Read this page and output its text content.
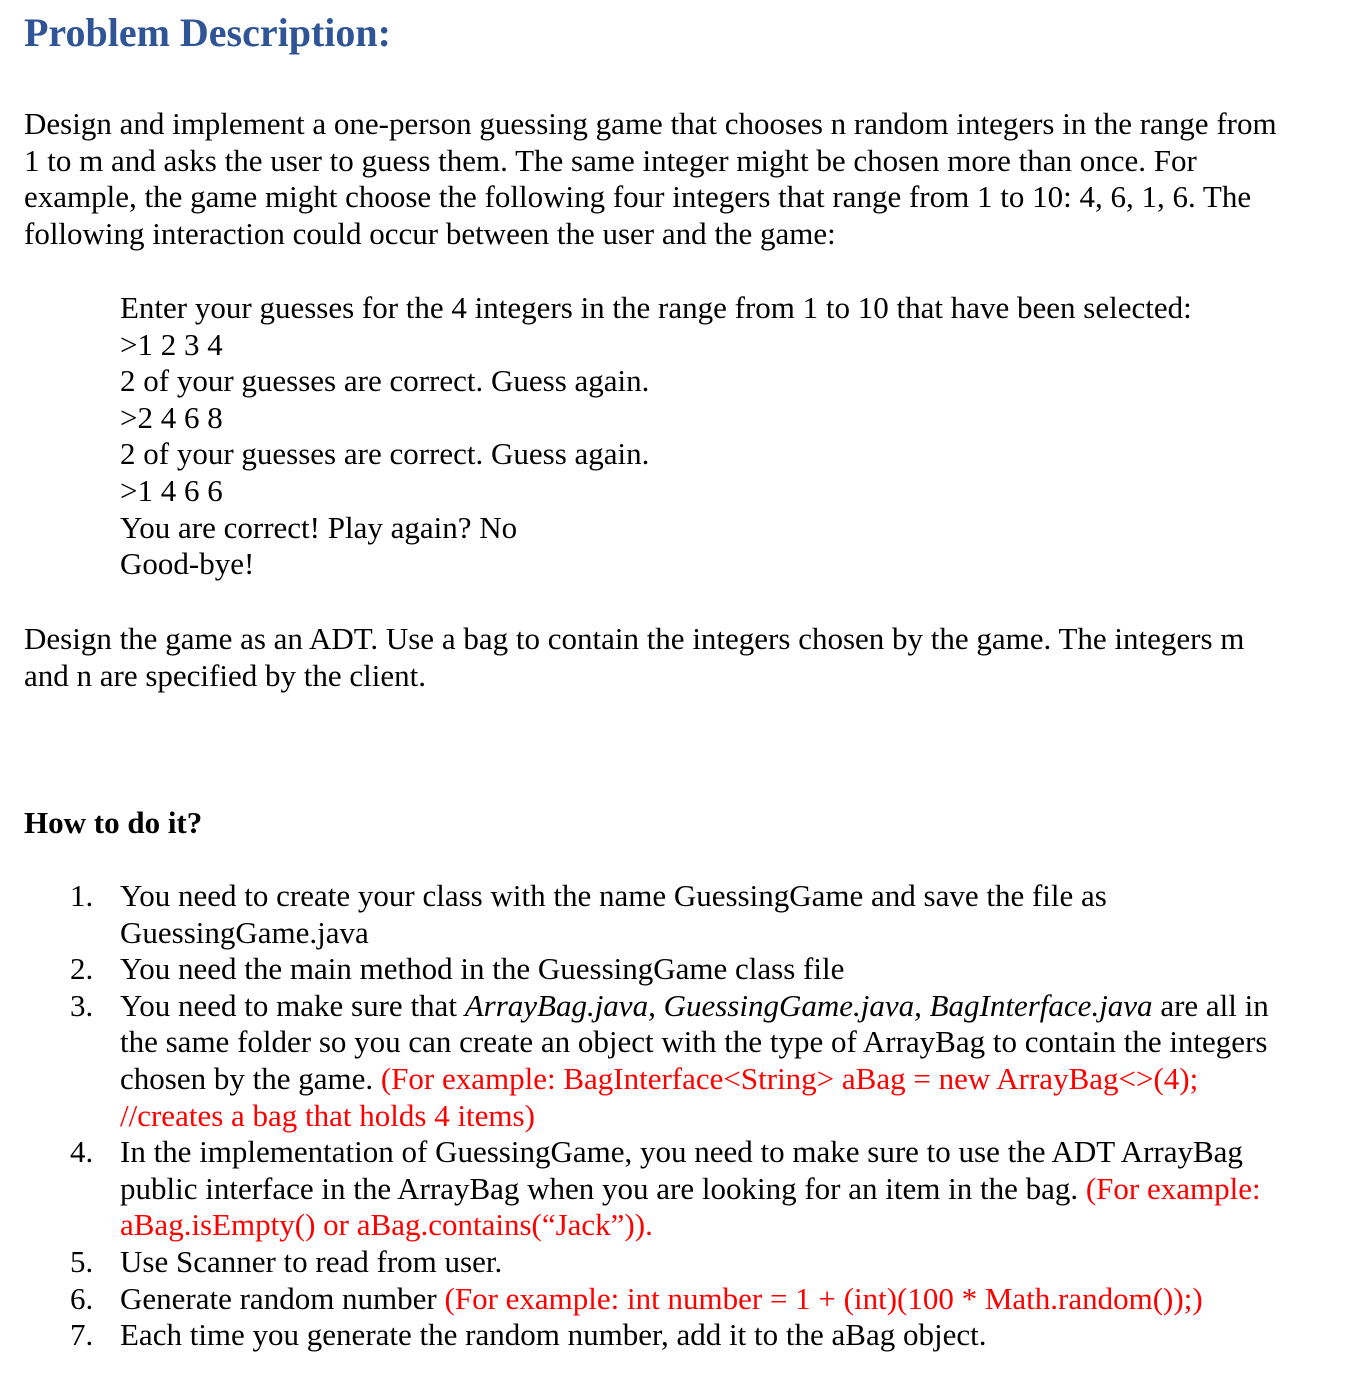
Problem Description:

Design and implement a one-person guessing game that chooses n random integers in the range from 1 to m and asks the user to guess them. The same integer might be chosen more than once. For example, the game might choose the following four integers that range from 1 to 10: 4, 6, 1, 6. The following interaction could occur between the user and the game:

Enter your guesses for the 4 integers in the range from 1 to 10 that have been selected:
>1 2 3 4
2 of your guesses are correct. Guess again.
>2 4 6 8
2 of your guesses are correct. Guess again.
>1 4 6 6
You are correct! Play again? No
Good-bye!

Design the game as an ADT. Use a bag to contain the integers chosen by the game. The integers m and n are specified by the client.

How to do it?
1. You need to create your class with the name GuessingGame and save the file as GuessingGame.java
2. You need the main method in the GuessingGame class file
3. You need to make sure that ArrayBag.java, GuessingGame.java, BagInterface.java are all in the same folder so you can create an object with the type of ArrayBag to contain the integers chosen by the game. (For example: BagInterface<String> aBag = new ArrayBag<>(4); //creates a bag that holds 4 items)
4. In the implementation of GuessingGame, you need to make sure to use the ADT ArrayBag public interface in the ArrayBag when you are looking for an item in the bag. (For example: aBag.isEmpty() or aBag.contains(“Jack”)).
5. Use Scanner to read from user.
6. Generate random number (For example: int number = 1 + (int)(100 * Math.random());)
7. Each time you generate the random number, add it to the aBag object.
